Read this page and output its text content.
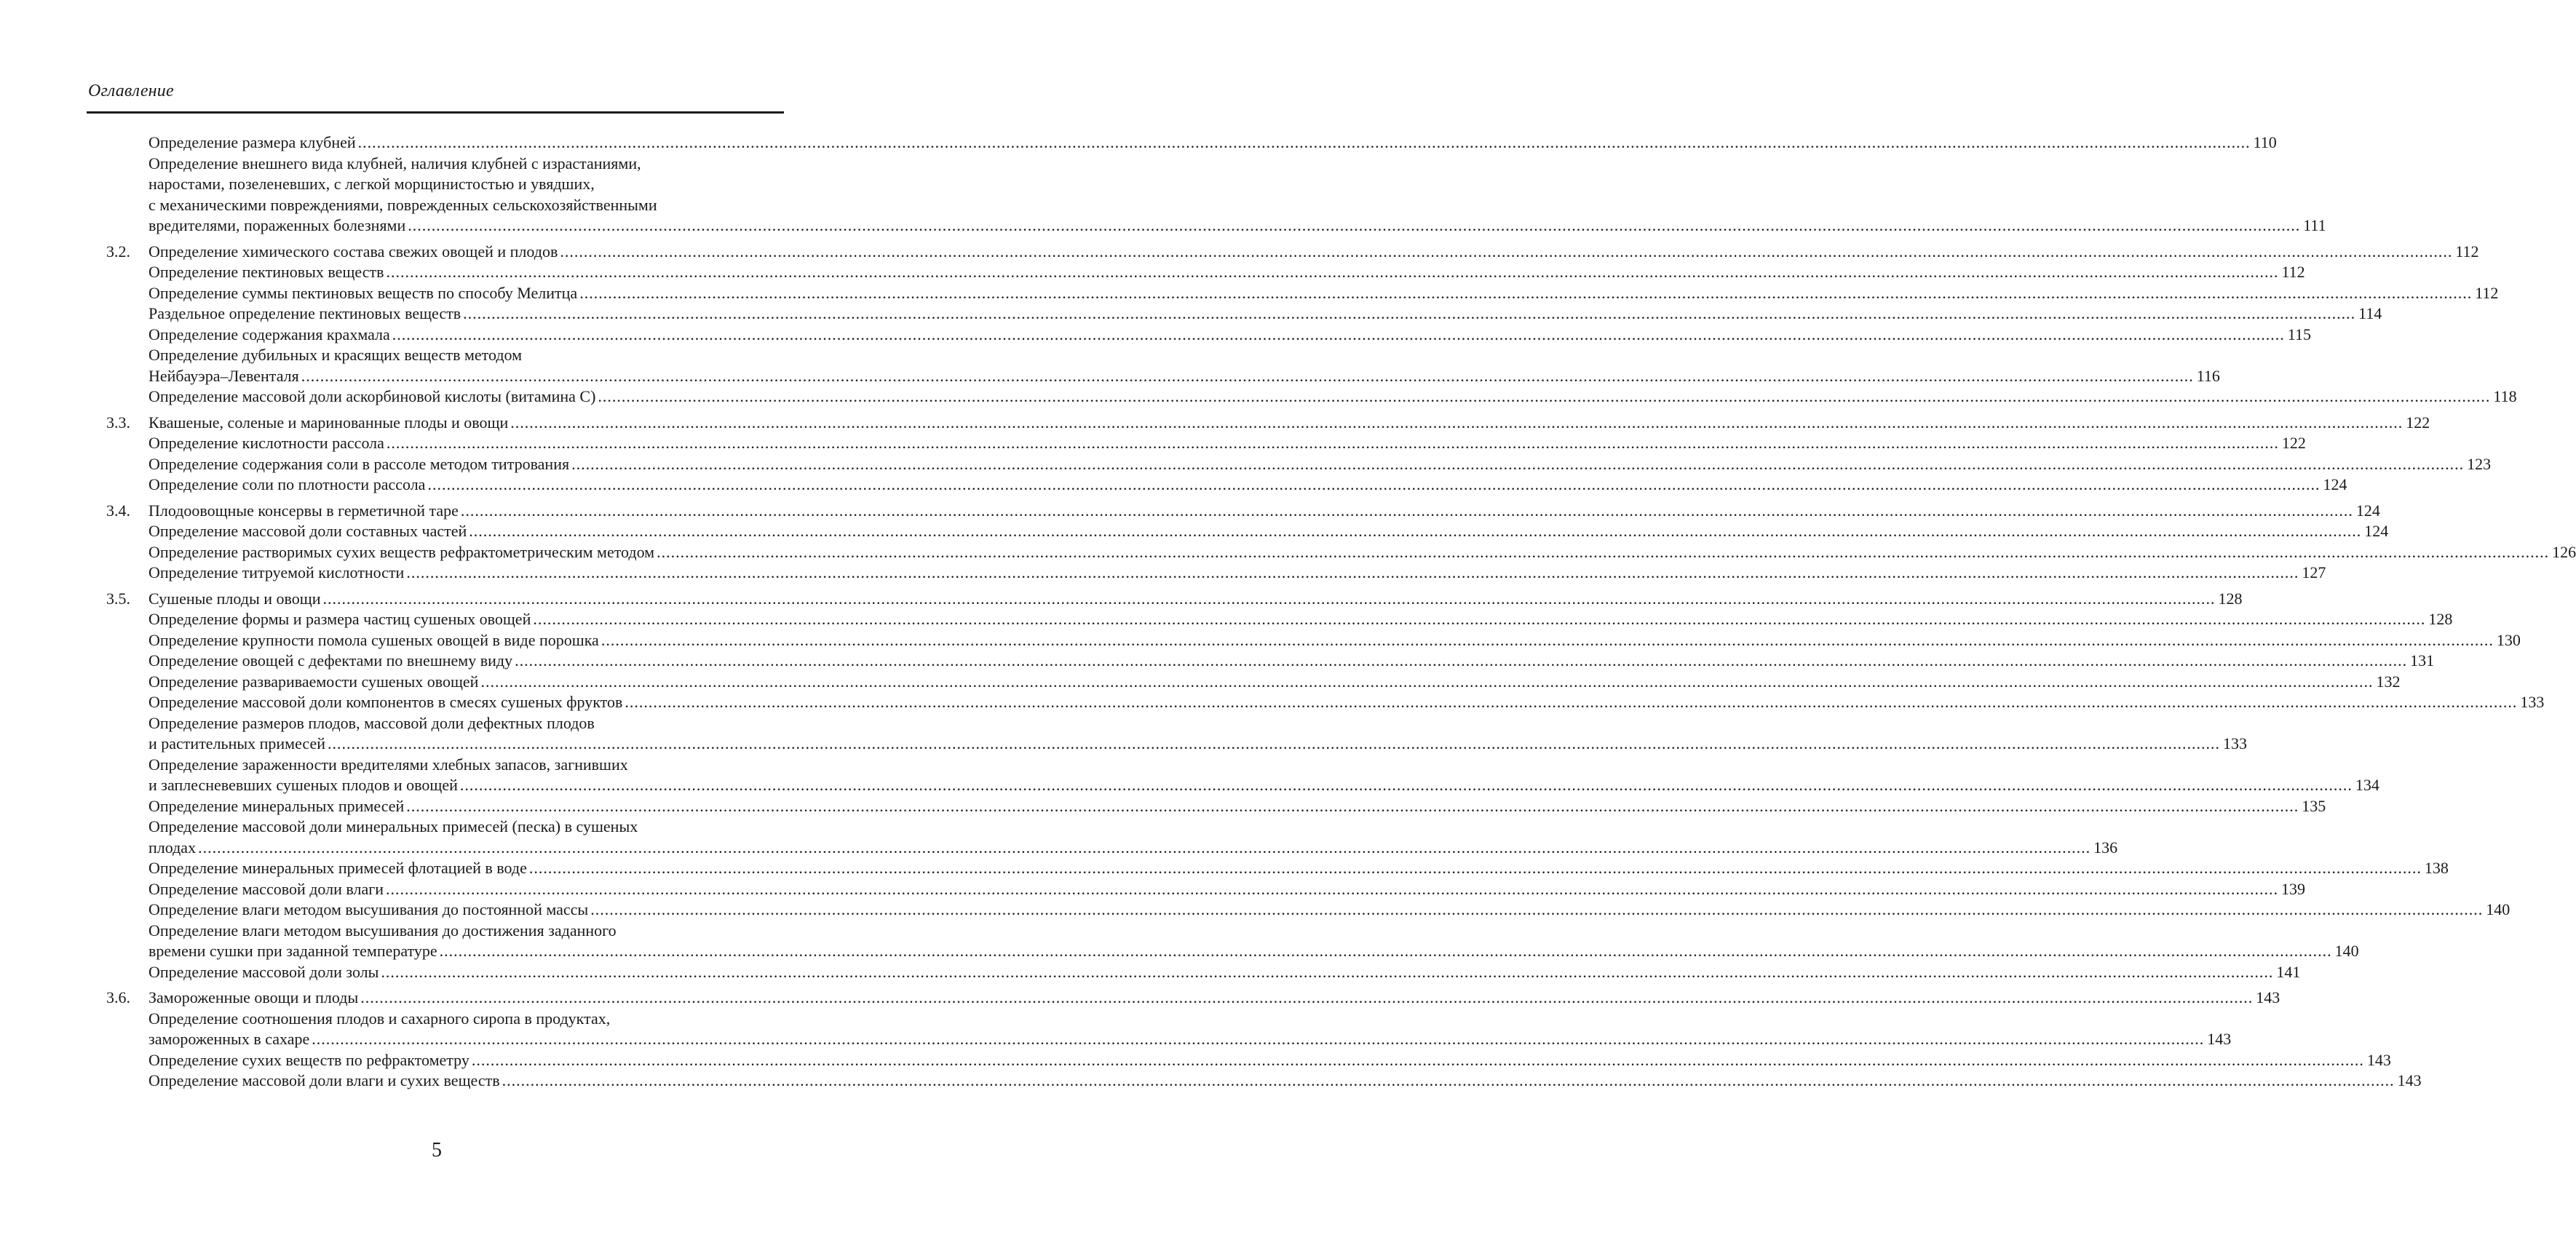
Оглавление
Определение размера клубней ................................................................................................................................................................................................................................................................................................................................................................................................................ 110
Определение внешнего вида клубней, наличия клубней с израстаниями,
наростами, позеленевших, с легкой морщинистостью и увядших,
с механическими повреждениями, поврежденных сельскохозяйственными
вредителями, пораженных болезнями ................................................................................................................................................................................................................................................................................................................................................................................................................ 111
3.2. Определение химического состава свежих овощей и плодов ................................................................................................................................................................................................................................................................................................................................................................................................................ 112
Определение пектиновых веществ ................................................................................................................................................................................................................................................................................................................................................................................................................ 112
Определение суммы пектиновых веществ по способу Мелитца ................................................................................................................................................................................................................................................................................................................................................................................................................ 112
Раздельное определение пектиновых веществ ................................................................................................................................................................................................................................................................................................................................................................................................................ 114
Определение содержания крахмала ................................................................................................................................................................................................................................................................................................................................................................................................................ 115
Определение дубильных и красящих веществ методом
Нейбауэра–Левенталя ................................................................................................................................................................................................................................................................................................................................................................................................................ 116
Определение массовой доли аскорбиновой кислоты (витамина С) ................................................................................................................................................................................................................................................................................................................................................................................................................ 118
3.3. Квашеные, соленые и маринованные плоды и овощи ................................................................................................................................................................................................................................................................................................................................................................................................................ 122
Определение кислотности рассола ................................................................................................................................................................................................................................................................................................................................................................................................................ 122
Определение содержания соли в рассоле методом титрования ................................................................................................................................................................................................................................................................................................................................................................................................................ 123
Определение соли по плотности рассола ................................................................................................................................................................................................................................................................................................................................................................................................................ 124
3.4. Плодоовощные консервы в герметичной таре ................................................................................................................................................................................................................................................................................................................................................................................................................ 124
Определение массовой доли составных частей ................................................................................................................................................................................................................................................................................................................................................................................................................ 124
Определение растворимых сухих веществ рефрактометрическим методом ................................................................................................................................................................................................................................................................................................................................................................................................................ 126
Определение титруемой кислотности ................................................................................................................................................................................................................................................................................................................................................................................................................ 127
3.5. Сушеные плоды и овощи ................................................................................................................................................................................................................................................................................................................................................................................................................ 128
Определение формы и размера частиц сушеных овощей ................................................................................................................................................................................................................................................................................................................................................................................................................ 128
Определение крупности помола сушеных овощей в виде порошка ................................................................................................................................................................................................................................................................................................................................................................................................................ 130
Определение овощей с дефектами по внешнему виду ................................................................................................................................................................................................................................................................................................................................................................................................................ 131
Определение развариваемости сушеных овощей ................................................................................................................................................................................................................................................................................................................................................................................................................ 132
Определение массовой доли компонентов в смесях сушеных фруктов ................................................................................................................................................................................................................................................................................................................................................................................................................ 133
Определение размеров плодов, массовой доли дефектных плодов
и растительных примесей ................................................................................................................................................................................................................................................................................................................................................................................................................ 133
Определение зараженности вредителями хлебных запасов, загнивших
и заплесневевших сушеных плодов и овощей ................................................................................................................................................................................................................................................................................................................................................................................................................ 134
Определение минеральных примесей ................................................................................................................................................................................................................................................................................................................................................................................................................ 135
Определение массовой доли минеральных примесей (песка) в сушеных
плодах ................................................................................................................................................................................................................................................................................................................................................................................................................ 136
Определение минеральных примесей флотацией в воде ................................................................................................................................................................................................................................................................................................................................................................................................................ 138
Определение массовой доли влаги ................................................................................................................................................................................................................................................................................................................................................................................................................ 139
Определение влаги методом высушивания до постоянной массы ................................................................................................................................................................................................................................................................................................................................................................................................................ 140
Определение влаги методом высушивания до достижения заданного
времени сушки при заданной температуре ................................................................................................................................................................................................................................................................................................................................................................................................................ 140
Определение массовой доли золы ................................................................................................................................................................................................................................................................................................................................................................................................................ 141
3.6. Замороженные овощи и плоды ................................................................................................................................................................................................................................................................................................................................................................................................................ 143
Определение соотношения плодов и сахарного сиропа в продуктах,
замороженных в сахаре ................................................................................................................................................................................................................................................................................................................................................................................................................ 143
Определение сухих веществ по рефрактометру ................................................................................................................................................................................................................................................................................................................................................................................................................ 143
Определение массовой доли влаги и сухих веществ ................................................................................................................................................................................................................................................................................................................................................................................................................ 143
5
